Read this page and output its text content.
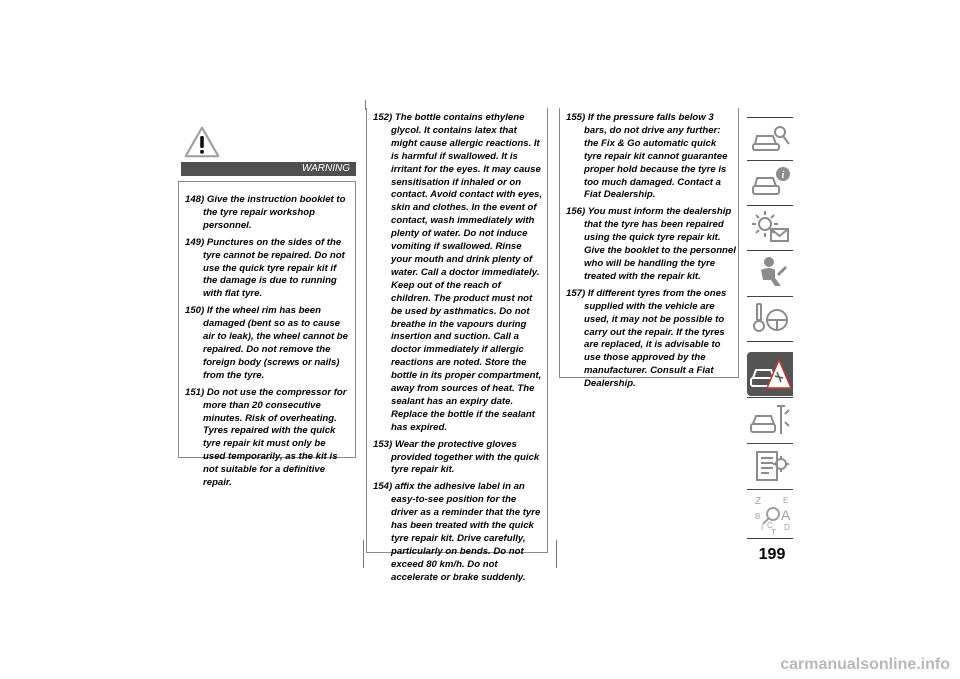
WARNING

148) Give the instruction booklet to the tyre repair workshop personnel.

149) Punctures on the sides of the tyre cannot be repaired. Do not use the quick tyre repair kit if the damage is due to running with flat tyre.

150) If the wheel rim has been damaged (bent so as to cause air to leak), the wheel cannot be repaired. Do not remove the foreign body (screws or nails) from the tyre.

151) Do not use the compressor for more than 20 consecutive minutes. Risk of overheating. Tyres repaired with the quick tyre repair kit must only be used temporarily, as the kit is not suitable for a definitive repair.

152) The bottle contains ethylene glycol. It contains latex that might cause allergic reactions. It is harmful if swallowed. It is irritant for the eyes. It may cause sensitisation if inhaled or on contact. Avoid contact with eyes, skin and clothes. In the event of contact, wash immediately with plenty of water. Do not induce vomiting if swallowed. Rinse your mouth and drink plenty of water. Call a doctor immediately. Keep out of the reach of children. The product must not be used by asthmatics. Do not breathe in the vapours during insertion and suction. Call a doctor immediately if allergic reactions are noted. Store the bottle in its proper compartment, away from sources of heat. The sealant has an expiry date. Replace the bottle if the sealant has expired.

153) Wear the protective gloves provided together with the quick tyre repair kit.

154) affix the adhesive label in an easy-to-see position for the driver as a reminder that the tyre has been treated with the quick tyre repair kit. Drive carefully, particularly on bends. Do not exceed 80 km/h. Do not accelerate or brake suddenly.

155) If the pressure falls below 3 bars, do not drive any further: the Fix & Go automatic quick tyre repair kit cannot guarantee proper hold because the tyre is too much damaged. Contact a Fiat Dealership.

156) You must inform the dealership that the tyre has been repaired using the quick tyre repair kit. Give the booklet to the personnel who will be handling the tyre treated with the repair kit.

157) If different tyres from the ones supplied with the vehicle are used, it may not be possible to carry out the repair. If the tyres are replaced, it is advisable to use those approved by the manufacturer. Consult a Fiat Dealership.

i
Z	E
B A
I C
T
D
199
carmanualsonline.info
